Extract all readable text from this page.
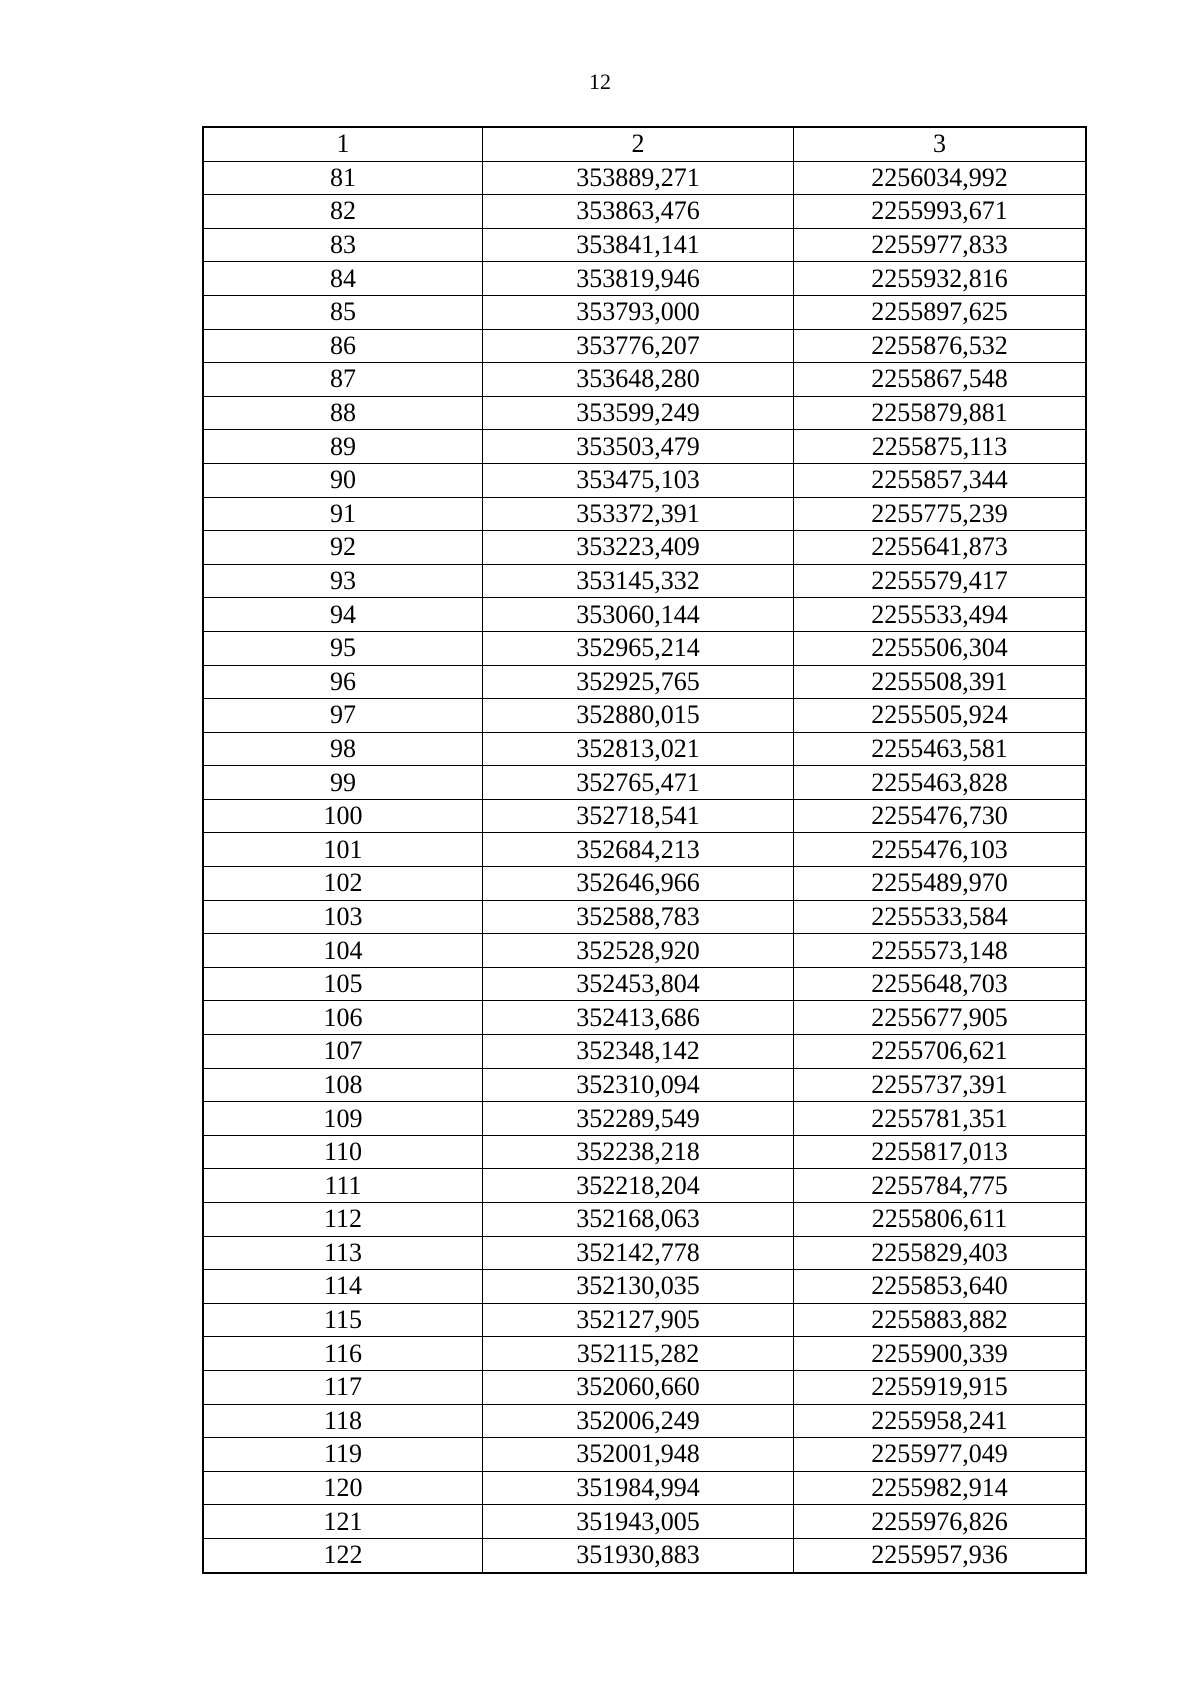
12
1	2	3
81	353889,271	2256034,992
82	353863,476	2255993,671
83	353841,141	2255977,833
84	353819,946	2255932,816
85	353793,000	2255897,625
86	353776,207	2255876,532
87	353648,280	2255867,548
88	353599,249	2255879,881
89	353503,479	2255875,113
90	353475,103	2255857,344
91	353372,391	2255775,239
92	353223,409	2255641,873
93	353145,332	2255579,417
94	353060,144	2255533,494
95	352965,214	2255506,304
96	352925,765	2255508,391
97	352880,015	2255505,924
98	352813,021	2255463,581
99	352765,471	2255463,828
100	352718,541	2255476,730
101	352684,213	2255476,103
102	352646,966	2255489,970
103	352588,783	2255533,584
104	352528,920	2255573,148
105	352453,804	2255648,703
106	352413,686	2255677,905
107	352348,142	2255706,621
108	352310,094	2255737,391
109	352289,549	2255781,351
110	352238,218	2255817,013
111	352218,204	2255784,775
112	352168,063	2255806,611
113	352142,778	2255829,403
114	352130,035	2255853,640
115	352127,905	2255883,882
116	352115,282	2255900,339
117	352060,660	2255919,915
118	352006,249	2255958,241
119	352001,948	2255977,049
120	351984,994	2255982,914
121	351943,005	2255976,826
122	351930,883	2255957,936
